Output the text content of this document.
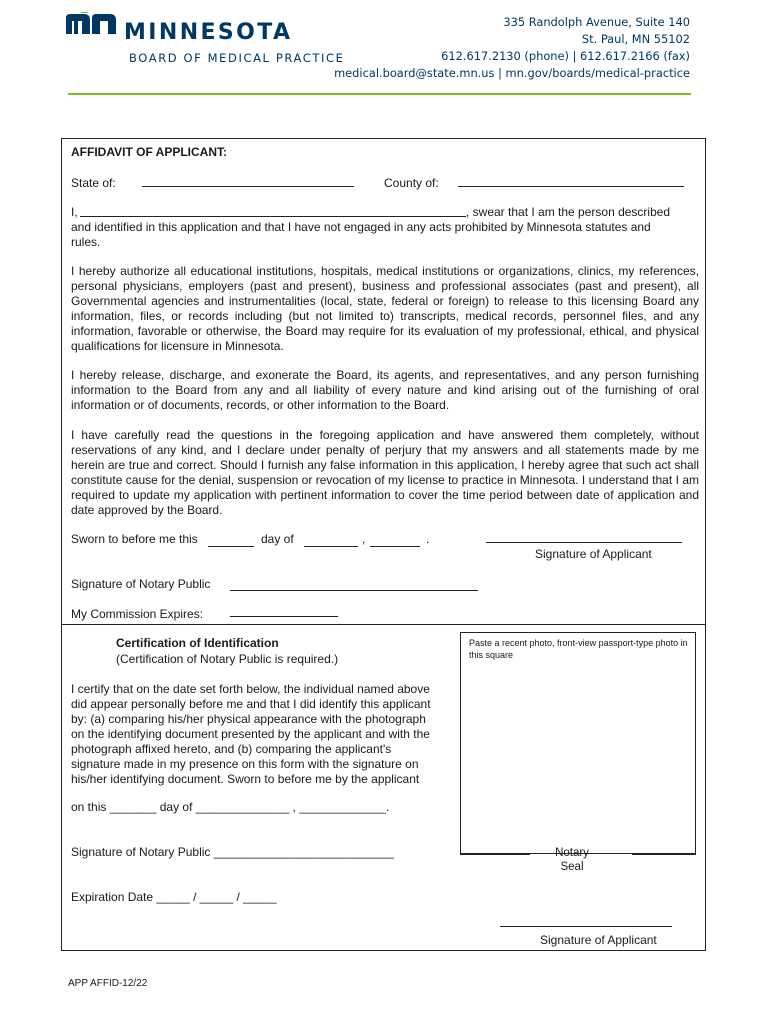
MINNESOTA
BOARD OF MEDICAL PRACTICE
335 Randolph Avenue, Suite 140
St. Paul, MN 55102
612.617.2130 (phone) | 612.617.2166 (fax)
medical.board@state.mn.us | mn.gov/boards/medical-practice
AFFIDAVIT OF APPLICANT:
State of:	County of:
I,	, swear that I am the person described
and identified in this application and that I have not engaged in any acts prohibited by Minnesota statutes and
rules.
I hereby authorize all educational institutions, hospitals, medical institutions or organizations, clinics, my references, personal physicians, employers (past and present), business and professional associates (past and present), all Governmental agencies and instrumentalities (local, state, federal or foreign) to release to this licensing Board any information, files, or records including (but not limited to) transcripts, medical records, personnel files, and any information, favorable or otherwise, the Board may require for its evaluation of my professional, ethical, and physical qualifications for licensure in Minnesota.
I hereby release, discharge, and exonerate the Board, its agents, and representatives, and any person furnishing information to the Board from any and all liability of every nature and kind arising out of the furnishing of oral information or of documents, records, or other information to the Board.
I have carefully read the questions in the foregoing application and have answered them completely, without reservations of any kind, and I declare under penalty of perjury that my answers and all statements made by me herein are true and correct. Should I furnish any false information in this application, I hereby agree that such act shall constitute cause for the denial, suspension or revocation of my license to practice in Minnesota. I understand that I am required to update my application with pertinent information to cover the time period between date of application and date approved by the Board.
Sworn to before me this	day of	,	.
Signature of Applicant
Signature of Notary Public
My Commission Expires:
Certification of Identification
(Certification of Notary Public is required.)
I certify that on the date set forth below, the individual named above
did appear personally before me and that I did identify this applicant
by: (a) comparing his/her physical appearance with the photograph
on the identifying document presented by the applicant and with the
photograph affixed hereto, and (b) comparing the applicant's
signature made in my presence on this form with the signature on
his/her identifying document. Sworn to before me by the applicant
on this _______ day of ______________ , _____________.
Signature of Notary Public ___________________________
Expiration Date _____ / _____ / _____
Paste a recent photo, front-view passport-type photo in this square
Notary
Seal
Signature of Applicant
APP AFFID-12/22
